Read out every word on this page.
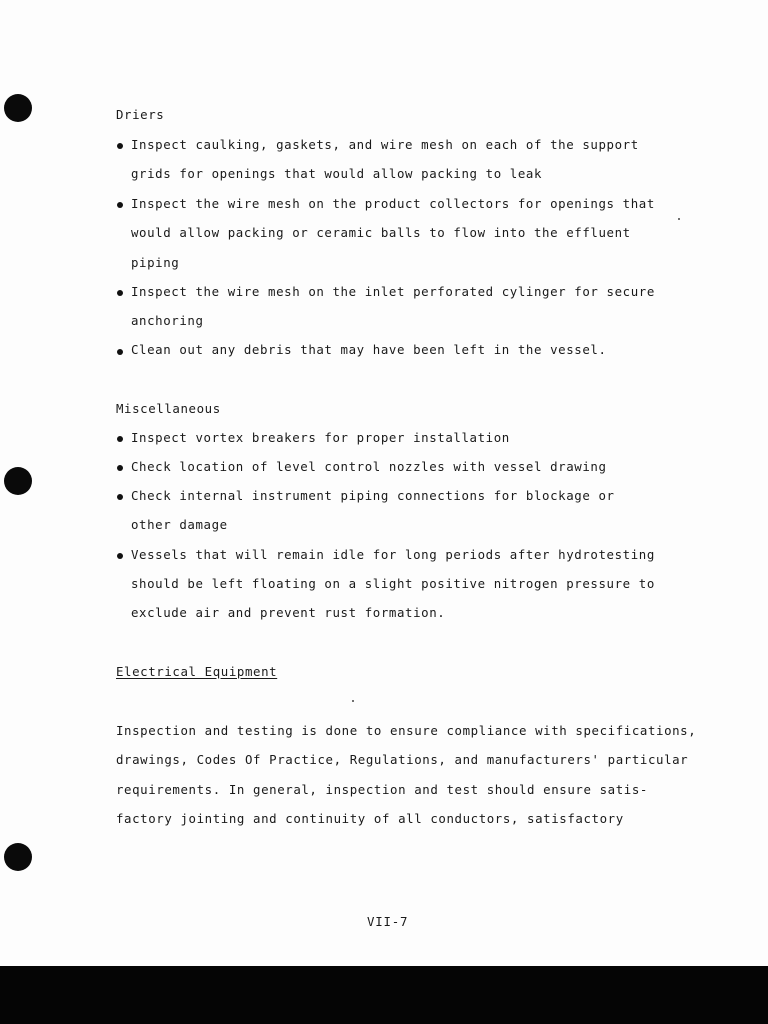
Driers
Inspect caulking, gaskets, and wire mesh on each of the support
grids for openings that would allow packing to leak
Inspect the wire mesh on the product collectors for openings that
would allow packing or ceramic balls to flow into the effluent
piping
Inspect the wire mesh on the inlet perforated cylinger for secure
anchoring
Clean out any debris that may have been left in the vessel.
Miscellaneous
Inspect vortex breakers for proper installation
Check location of level control nozzles with vessel drawing
Check internal instrument piping connections for blockage or
other damage
Vessels that will remain idle for long periods after hydrotesting
should be left floating on a slight positive nitrogen pressure to
exclude air and prevent rust formation.
Electrical Equipment
Inspection and testing is done to ensure compliance with specifications,
drawings, Codes Of Practice, Regulations, and manufacturers' particular
requirements. In general, inspection and test should ensure satis-
factory jointing and continuity of all conductors, satisfactory
VII-7
